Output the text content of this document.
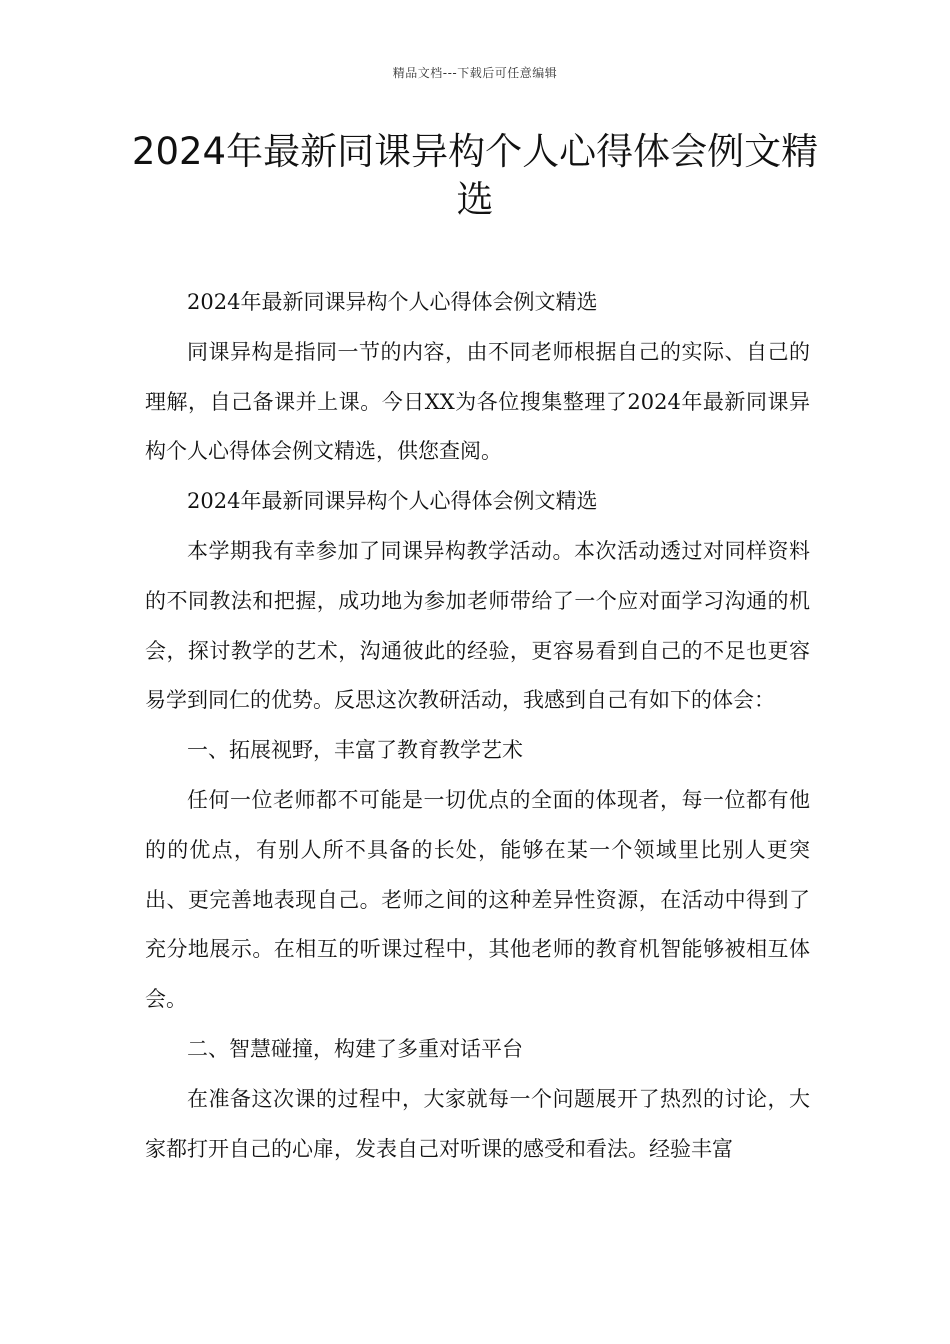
精品文档---下载后可任意编辑
2024年最新同课异构个人心得体会例文精选

2024年最新同课异构个人心得体会例文精选

同课异构是指同一节的内容，由不同老师根据自己的实际、自己的理解，自己备课并上课。今日XX为各位搜集整理了2024年最新同课异构个人心得体会例文精选，供您查阅。

2024年最新同课异构个人心得体会例文精选

本学期我有幸参加了同课异构教学活动。本次活动透过对同样资料的不同教法和把握，成功地为参加老师带给了一个应对面学习沟通的机会，探讨教学的艺术，沟通彼此的经验，更容易看到自己的不足也更容易学到同仁的优势。反思这次教研活动，我感到自己有如下的体会：

一、拓展视野，丰富了教育教学艺术

任何一位老师都不可能是一切优点的全面的体现者，每一位都有他的的优点，有别人所不具备的长处，能够在某一个领域里比别人更突出、更完善地表现自己。老师之间的这种差异性资源，在活动中得到了充分地展示。在相互的听课过程中，其他老师的教育机智能够被相互体会。

二、智慧碰撞，构建了多重对话平台

在准备这次课的过程中，大家就每一个问题展开了热烈的讨论，大家都打开自己的心扉，发表自己对听课的感受和看法。经验丰富
